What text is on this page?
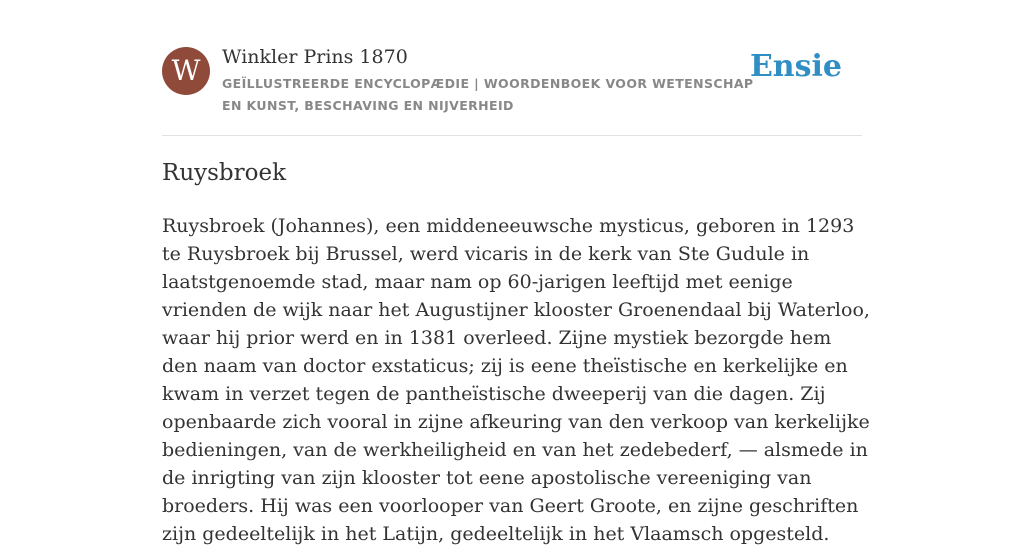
W	Winkler Prins 1870
GEÏLLUSTREERDE ENCYCLOPÆDIE | WOORDENBOEK VOOR WETENSCHAP EN KUNST, BESCHAVING EN NIJVERHEID
Ensie
Ruysbroek

Ruysbroek (Johannes), een middeneeuwsche mysticus, geboren in 1293 te Ruysbroek bij Brussel, werd vicaris in de kerk van Ste Gudule in laatstgenoemde stad, maar nam op 60-jarigen leeftijd met eenige vrienden de wijk naar het Augustijner klooster Groenendaal bij Waterloo, waar hij prior werd en in 1381 overleed. Zijne mystiek bezorgde hem den naam van doctor exstaticus; zij is eene theïstische en kerkelijke en kwam in verzet tegen de pantheïstische dweeperij van die dagen. Zij openbaarde zich vooral in zijne afkeuring van den verkoop van kerkelijke bedieningen, van de werkheiligheid en van het zedebederf, — alsmede in de inrigting van zijn klooster tot eene apostolische vereeniging van broeders. Hij was een voorlooper van Geert Groote, en zijne geschriften zijn gedeeltelijk in het Latijn, gedeeltelijk in het Vlaamsch opgesteld.
